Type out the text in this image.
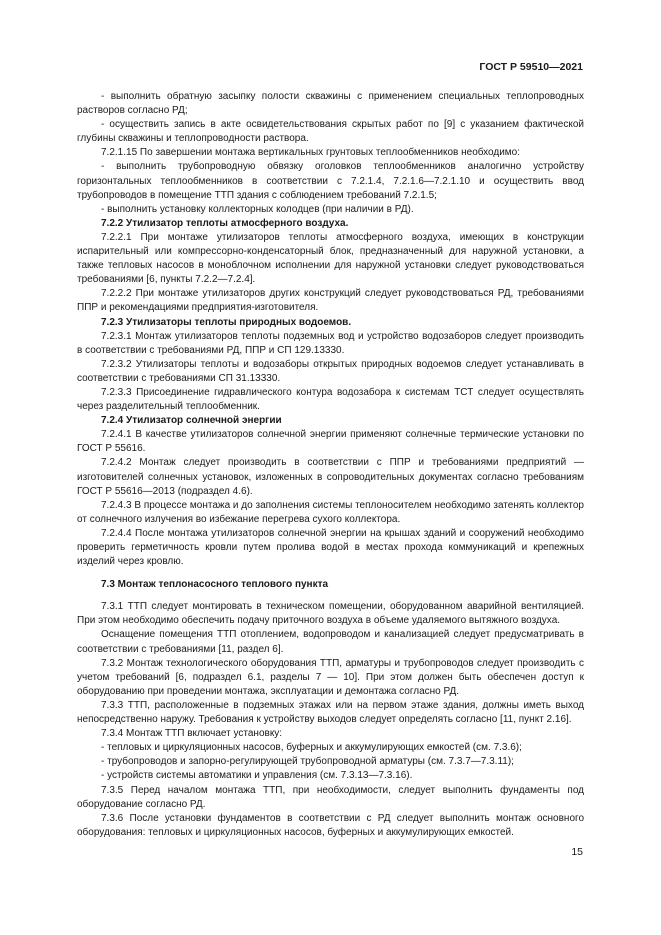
ГОСТ Р 59510—2021

- выполнить обратную засыпку полости скважины с применением специальных теплопроводных растворов согласно РД;

- осуществить запись в акте освидетельствования скрытых работ по [9] с указанием фактической глубины скважины и теплопроводности раствора.

7.2.1.15 По завершении монтажа вертикальных грунтовых теплообменников необходимо:

- выполнить трубопроводную обвязку оголовков теплообменников аналогично устройству горизонтальных теплообменников в соответствии с 7.2.1.4, 7.2.1.6—7.2.1.10 и осуществить ввод трубопроводов в помещение ТТП здания с соблюдением требований 7.2.1.5;

- выполнить установку коллекторных колодцев (при наличии в РД).

7.2.2 Утилизатор теплоты атмосферного воздуха.

7.2.2.1 При монтаже утилизаторов теплоты атмосферного воздуха, имеющих в конструкции испарительный или компрессорно-конденсаторный блок, предназначенный для наружной установки, а также тепловых насосов в моноблочном исполнении для наружной установки следует руководствоваться требованиями [6, пункты 7.2.2—7.2.4].

7.2.2.2 При монтаже утилизаторов других конструкций следует руководствоваться РД, требованиями ППР и рекомендациями предприятия-изготовителя.

7.2.3 Утилизаторы теплоты природных водоемов.

7.2.3.1 Монтаж утилизаторов теплоты подземных вод и устройство водозаборов следует производить в соответствии с требованиями РД, ППР и СП 129.13330.

7.2.3.2 Утилизаторы теплоты и водозаборы открытых природных водоемов следует устанавливать в соответствии с требованиями СП 31.13330.

7.2.3.3 Присоединение гидравлического контура водозабора к системам ТСТ следует осуществлять через разделительный теплообменник.

7.2.4 Утилизатор солнечной энергии

7.2.4.1 В качестве утилизаторов солнечной энергии применяют солнечные термические установки по ГОСТ Р 55616.

7.2.4.2 Монтаж следует производить в соответствии с ППР и требованиями предприятий — изготовителей солнечных установок, изложенных в сопроводительных документах согласно требованиям ГОСТ Р 55616—2013 (подраздел 4.6).

7.2.4.3 В процессе монтажа и до заполнения системы теплоносителем необходимо затенять коллектор от солнечного излучения во избежание перегрева сухого коллектора.

7.2.4.4 После монтажа утилизаторов солнечной энергии на крышах зданий и сооружений необходимо проверить герметичность кровли путем пролива водой в местах прохода коммуникаций и крепежных изделий через кровлю.

7.3 Монтаж теплонасосного теплового пункта

7.3.1 ТТП следует монтировать в техническом помещении, оборудованном аварийной вентиляцией. При этом необходимо обеспечить подачу приточного воздуха в объеме удаляемого вытяжного воздуха.

Оснащение помещения ТТП отоплением, водопроводом и канализацией следует предусматривать в соответствии с требованиями [11, раздел 6].

7.3.2 Монтаж технологического оборудования ТТП, арматуры и трубопроводов следует производить с учетом требований [6, подраздел 6.1, разделы 7 — 10]. При этом должен быть обеспечен доступ к оборудованию при проведении монтажа, эксплуатации и демонтажа согласно РД.

7.3.3 ТТП, расположенные в подземных этажах или на первом этаже здания, должны иметь выход непосредственно наружу. Требования к устройству выходов следует определять согласно [11, пункт 2.16].

7.3.4 Монтаж ТТП включает установку:

- тепловых и циркуляционных насосов, буферных и аккумулирующих емкостей (см. 7.3.6);

- трубопроводов и запорно-регулирующей трубопроводной арматуры (см. 7.3.7—7.3.11);

- устройств системы автоматики и управления (см. 7.3.13—7.3.16).

7.3.5 Перед началом монтажа ТТП, при необходимости, следует выполнить фундаменты под оборудование согласно РД.

7.3.6 После установки фундаментов в соответствии с РД следует выполнить монтаж основного оборудования: тепловых и циркуляционных насосов, буферных и аккумулирующих емкостей.

15
